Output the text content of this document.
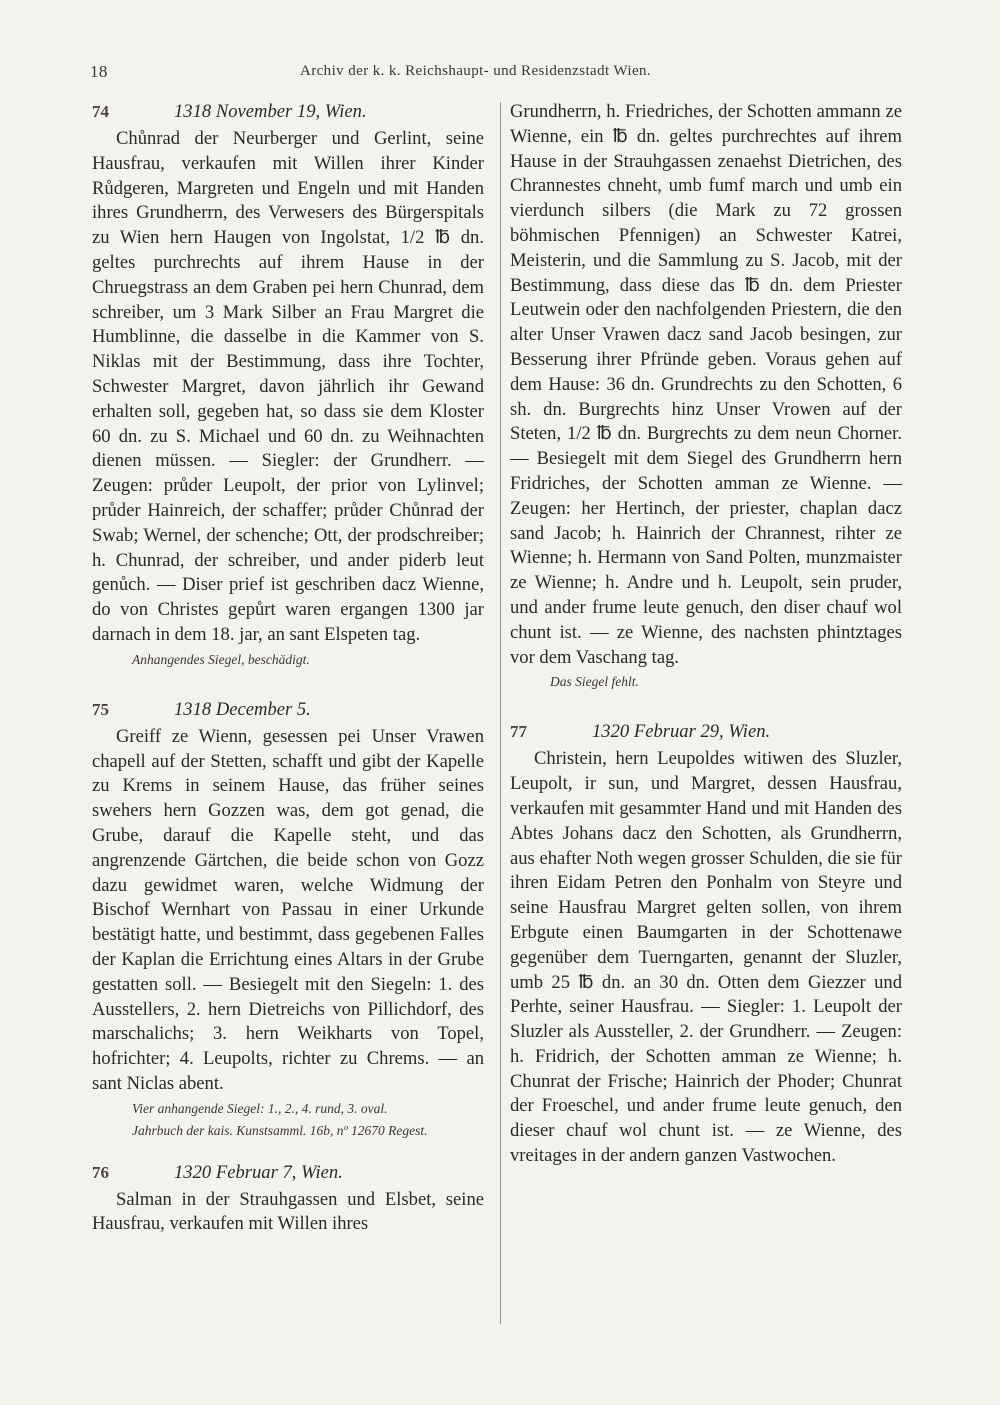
18	Archiv der k. k. Reichshaupt- und Residenzstadt Wien.
74	1318 November 19, Wien.

Chůnrad der Neurberger und Gerlint, seine Hausfrau, verkaufen mit Willen ihrer Kinder Růdgeren, Margreten und Engeln und mit Handen ihres Grundherrn, des Verwesers des Bürgerspitals zu Wien hern Haugen von Ingolstat, 1/2 ℔ dn. geltes purchrechts auf ihrem Hause in der Chruegstrass an dem Graben pei hern Chunrad, dem schreiber, um 3 Mark Silber an Frau Margret die Humblinne, die dasselbe in die Kammer von S. Niklas mit der Bestimmung, dass ihre Tochter, Schwester Margret, davon jährlich ihr Gewand erhalten soll, gegeben hat, so dass sie dem Kloster 60 dn. zu S. Michael und 60 dn. zu Weihnachten dienen müssen. — Siegler: der Grundherr. — Zeugen: průder Leupolt, der prior von Lylinvel; průder Hainreich, der schaffer; průder Chůnrad der Swab; Wernel, der schenche; Ott, der prodschreiber; h. Chunrad, der schreiber, und ander piderb leut genůch. — Diser prief ist geschriben dacz Wienne, do von Christes gepůrt waren ergangen 1300 jar darnach in dem 18. jar, an sant Elspeten tag.

Anhangendes Siegel, beschädigt.
75	1318 December 5.

Greiff ze Wienn, gesessen pei Unser Vrawen chapell auf der Stetten, schafft und gibt der Kapelle zu Krems in seinem Hause, das früher seines swehers hern Gozzen was, dem got genad, die Grube, darauf die Kapelle steht, und das angrenzende Gärtchen, die beide schon von Gozz dazu gewidmet waren, welche Widmung der Bischof Wernhart von Passau in einer Urkunde bestätigt hatte, und bestimmt, dass gegebenen Falles der Kaplan die Errichtung eines Altars in der Grube gestatten soll. — Besiegelt mit den Siegeln: 1. des Ausstellers, 2. hern Dietreichs von Pillichdorf, des marschalichs; 3. hern Weikharts von Topel, hofrichter; 4. Leupolts, richter zu Chrems. — an sant Niclas abent.

Vier anhangende Siegel: 1., 2., 4. rund, 3. oval.
Jahrbuch der kais. Kunstsamml. 16b, nº 12670 Regest.
76	1320 Februar 7, Wien.

Salman in der Strauhgassen und Elsbet, seine Hausfrau, verkaufen mit Willen ihres

Grundherrn, h. Friedriches, der Schotten ammann ze Wienne, ein ℔ dn. geltes purchrechtes auf ihrem Hause in der Strauhgassen zenaehst Dietrichen, des Chrannestes chneht, umb fumf march und umb ein vierdunch silbers (die Mark zu 72 grossen böhmischen Pfennigen) an Schwester Katrei, Meisterin, und die Sammlung zu S. Jacob, mit der Bestimmung, dass diese das ℔ dn. dem Priester Leutwein oder den nachfolgenden Priestern, die den alter Unser Vrawen dacz sand Jacob besingen, zur Besserung ihrer Pfründe geben. Voraus gehen auf dem Hause: 36 dn. Grundrechts zu den Schotten, 6 sh. dn. Burgrechts hinz Unser Vrowen auf der Steten, 1/2 ℔ dn. Burgrechts zu dem neun Chorner. — Besiegelt mit dem Siegel des Grundherrn hern Fridriches, der Schotten amman ze Wienne. — Zeugen: her Hertinch, der priester, chaplan dacz sand Jacob; h. Hainrich der Chrannest, rihter ze Wienne; h. Hermann von Sand Polten, munzmaister ze Wienne; h. Andre und h. Leupolt, sein pruder, und ander frume leute genuch, den diser chauf wol chunt ist. — ze Wienne, des nachsten phintztages vor dem Vaschang tag.

Das Siegel fehlt.
77	1320 Februar 29, Wien.

Christein, hern Leupoldes witiwen des Sluzler, Leupolt, ir sun, und Margret, dessen Hausfrau, verkaufen mit gesammter Hand und mit Handen des Abtes Johans dacz den Schotten, als Grundherrn, aus ehafter Noth wegen grosser Schulden, die sie für ihren Eidam Petren den Ponhalm von Steyre und seine Hausfrau Margret gelten sollen, von ihrem Erbgute einen Baumgarten in der Schottenawe gegenüber dem Tuerngarten, genannt der Sluzler, umb 25 ℔ dn. an 30 dn. Otten dem Giezzer und Perhte, seiner Hausfrau. — Siegler: 1. Leupolt der Sluzler als Aussteller, 2. der Grundherr. — Zeugen: h. Fridrich, der Schotten amman ze Wienne; h. Chunrat der Frische; Hainrich der Phoder; Chunrat der Froeschel, und ander frume leute genuch, den dieser chauf wol chunt ist. — ze Wienne, des vreitages in der andern ganzen Vastwochen.
